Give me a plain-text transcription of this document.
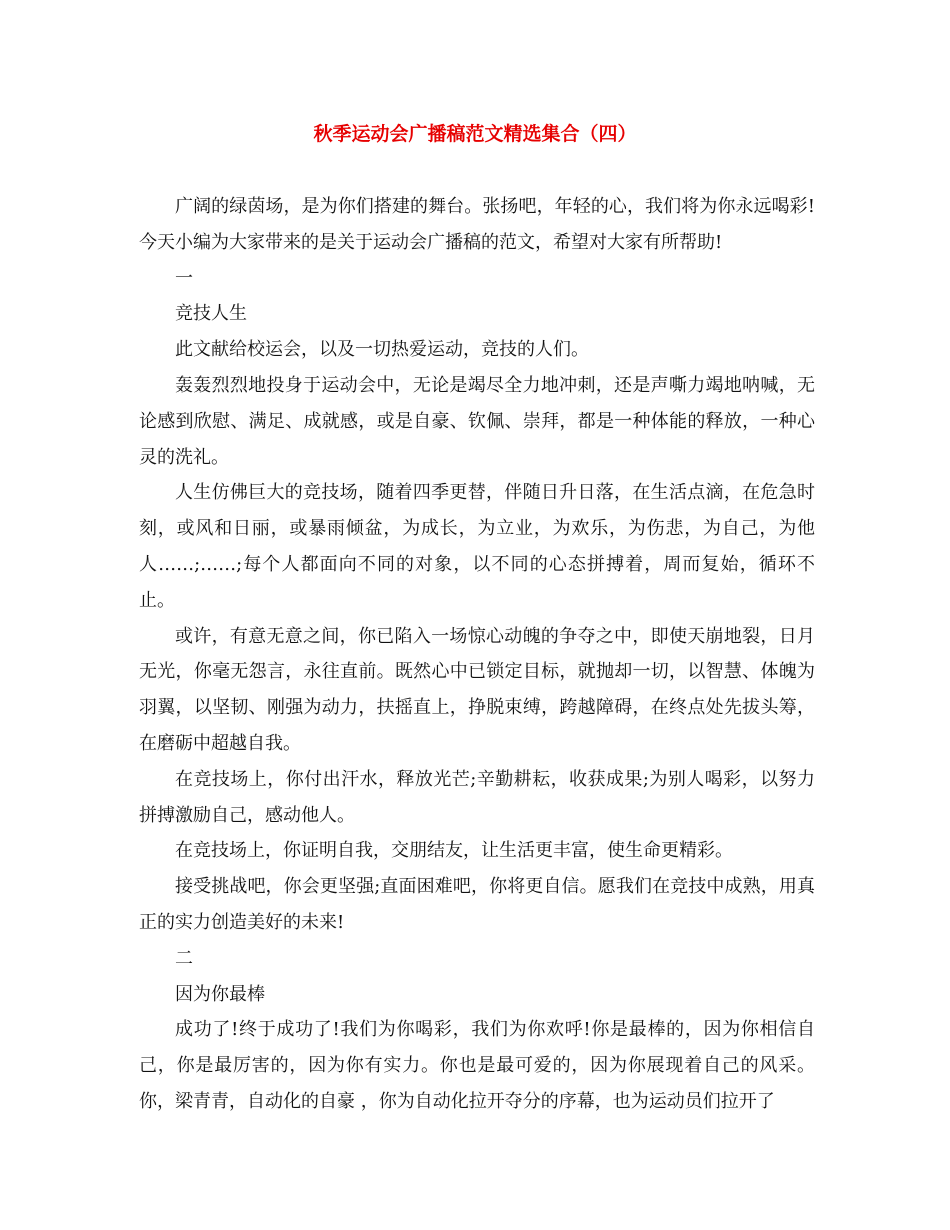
秋季运动会广播稿范文精选集合（四）

广阔的绿茵场，是为你们搭建的舞台。张扬吧，年轻的心，我们将为你永远喝彩!今天小编为大家带来的是关于运动会广播稿的范文，希望对大家有所帮助!

一

竞技人生

此文献给校运会，以及一切热爱运动，竞技的人们。

轰轰烈烈地投身于运动会中，无论是竭尽全力地冲刺，还是声嘶力竭地呐喊，无论感到欣慰、满足、成就感，或是自豪、钦佩、崇拜，都是一种体能的释放，一种心灵的洗礼。

人生仿佛巨大的竞技场，随着四季更替，伴随日升日落，在生活点滴，在危急时刻，或风和日丽，或暴雨倾盆，为成长，为立业，为欢乐，为伤悲，为自己，为他人……;……;每个人都面向不同的对象，以不同的心态拼搏着，周而复始，循环不止。

或许，有意无意之间，你已陷入一场惊心动魄的争夺之中，即使天崩地裂，日月无光，你毫无怨言，永往直前。既然心中已锁定目标，就抛却一切，以智慧、体魄为羽翼，以坚韧、刚强为动力，扶摇直上，挣脱束缚，跨越障碍，在终点处先拔头筹，在磨砺中超越自我。

在竞技场上，你付出汗水，释放光芒;辛勤耕耘，收获成果;为别人喝彩，以努力拼搏激励自己，感动他人。

在竞技场上，你证明自我，交朋结友，让生活更丰富，使生命更精彩。

接受挑战吧，你会更坚强;直面困难吧，你将更自信。愿我们在竞技中成熟，用真正的实力创造美好的未来!

二

因为你最棒

成功了!终于成功了!我们为你喝彩，我们为你欢呼!你是最棒的，因为你相信自己，你是最厉害的，因为你有实力。你也是最可爱的，因为你展现着自己的风采。你，梁青青，自动化的自豪 ，你为自动化拉开夺分的序幕，也为运动员们拉开了
